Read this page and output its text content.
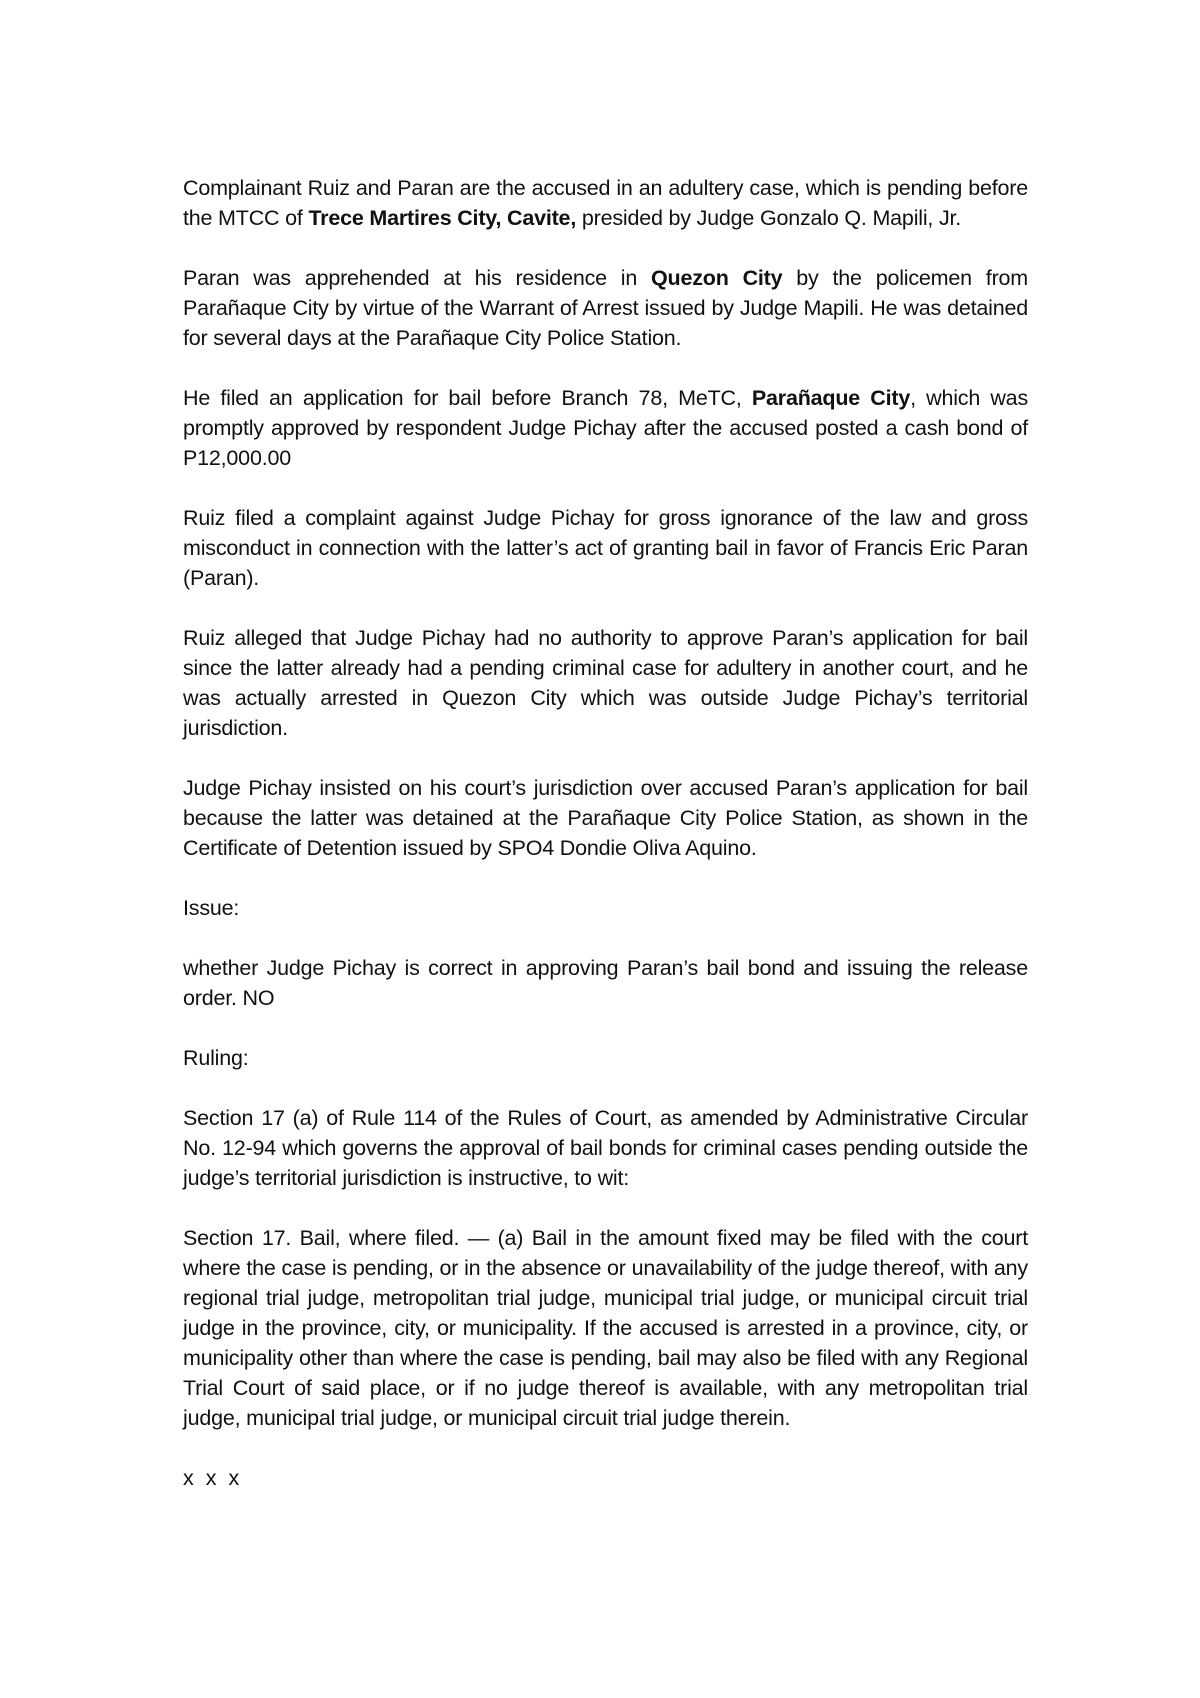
Complainant Ruiz and Paran are the accused in an adultery case, which is pending before the MTCC of Trece Martires City, Cavite, presided by Judge Gonzalo Q. Mapili, Jr.

Paran was apprehended at his residence in Quezon City by the policemen from Parañaque City by virtue of the Warrant of Arrest issued by Judge Mapili. He was detained for several days at the Parañaque City Police Station.

He filed an application for bail before Branch 78, MeTC, Parañaque City, which was promptly approved by respondent Judge Pichay after the accused posted a cash bond of P12,000.00

Ruiz filed a complaint against Judge Pichay for gross ignorance of the law and gross misconduct in connection with the latter’s act of granting bail in favor of Francis Eric Paran (Paran).

Ruiz alleged that Judge Pichay had no authority to approve Paran’s application for bail since the latter already had a pending criminal case for adultery in another court, and he was actually arrested in Quezon City which was outside Judge Pichay’s territorial jurisdiction.

Judge Pichay insisted on his court’s jurisdiction over accused Paran’s application for bail because the latter was detained at the Parañaque City Police Station, as shown in the Certificate of Detention issued by SPO4 Dondie Oliva Aquino.

Issue:

whether Judge Pichay is correct in approving Paran’s bail bond and issuing the release order. NO

Ruling:

Section 17 (a) of Rule 114 of the Rules of Court, as amended by Administrative Circular No. 12-94 which governs the approval of bail bonds for criminal cases pending outside the judge’s territorial jurisdiction is instructive, to wit:

Section 17. Bail, where filed. — (a) Bail in the amount fixed may be filed with the court where the case is pending, or in the absence or unavailability of the judge thereof, with any regional trial judge, metropolitan trial judge, municipal trial judge, or municipal circuit trial judge in the province, city, or municipality. If the accused is arrested in a province, city, or municipality other than where the case is pending, bail may also be filed with any Regional Trial Court of said place, or if no judge thereof is available, with any metropolitan trial judge, municipal trial judge, or municipal circuit trial judge therein.

x x x
